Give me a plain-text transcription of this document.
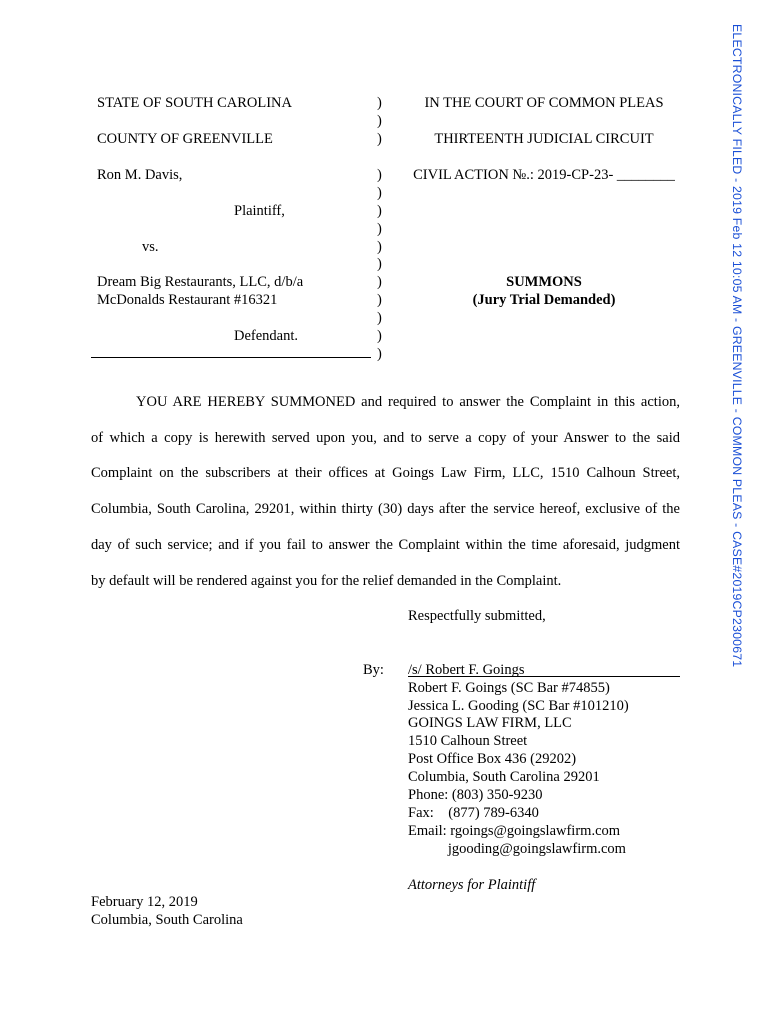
ELECTRONICALLY FILED - 2019 Feb 12 10:05 AM - GREENVILLE - COMMON PLEAS - CASE#2019CP2300671
STATE OF SOUTH CAROLINA
COUNTY OF GREENVILLE
Ron M. Davis,
Plaintiff,
vs.
Dream Big Restaurants, LLC, d/b/a
McDonalds Restaurant #16321
Defendant.
)
)
)
)
)
)
)
)
)
)
)
)
)
)
IN THE COURT OF COMMON PLEAS
THIRTEENTH JUDICIAL CIRCUIT
CIVIL ACTION №.: 2019-CP-23- ________
SUMMONS
(Jury Trial Demanded)
YOU ARE HEREBY SUMMONED and required to answer the Complaint in this action,
of which a copy is herewith served upon you, and to serve a copy of your Answer to the said
Complaint on the subscribers at their offices at Goings Law Firm, LLC, 1510 Calhoun Street,
Columbia, South Carolina, 29201, within thirty (30) days after the service hereof, exclusive of the
day of such service; and if you fail to answer the Complaint within the time aforesaid, judgment
by default will be rendered against you for the relief demanded in the Complaint.
Respectfully submitted,
By: /s/ Robert F. Goings
Robert F. Goings (SC Bar #74855)
Jessica L. Gooding (SC Bar #101210)
GOINGS LAW FIRM, LLC
1510 Calhoun Street
Post Office Box 436 (29202)
Columbia, South Carolina 29201
Phone: (803) 350-9230
Fax:    (877) 789-6340
Email: rgoings@goingslawfirm.com
jgooding@goingslawfirm.com
Attorneys for Plaintiff
February 12, 2019
Columbia, South Carolina
